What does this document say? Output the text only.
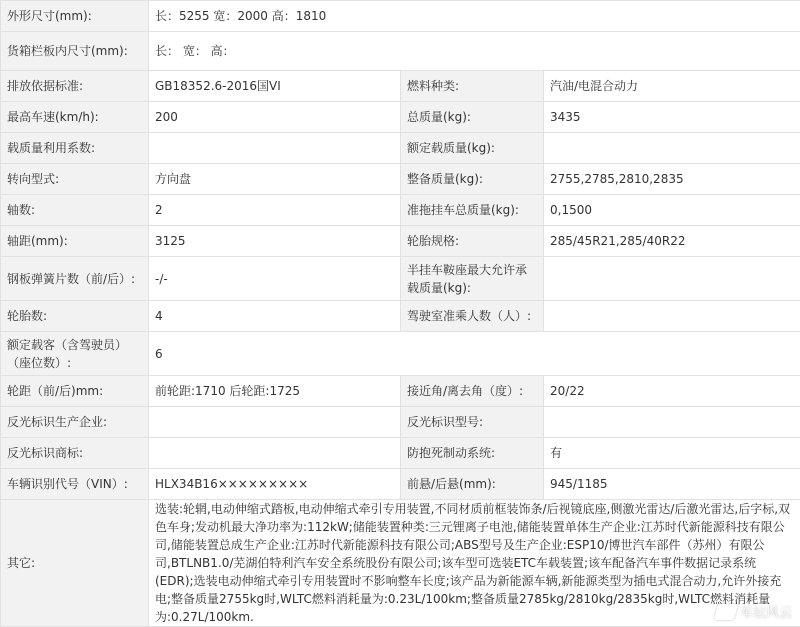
外形尺寸(mm):	长：5255 宽：2000 高：1810		
货箱栏板内尺寸(mm):	长： 宽： 高：		
排放依据标准:	GB18352.6-2016国VI	燃料种类:	汽油/电混合动力
最高车速(km/h):	200	总质量(kg):	3435
载质量利用系数:		额定载质量(kg):	
转向型式:	方向盘	整备质量(kg):	2755,2785,2810,2835
轴数:	2	准拖挂车总质量(kg):	0,1500
轴距(mm):	3125	轮胎规格:	285/45R21,285/40R22
钢板弹簧片数（前/后）:	-/-	半挂车鞍座最大允许承载质量(kg):	
轮胎数:	4	驾驶室准乘人数（人）:	
额定载客（含驾驶员）（座位数）:	6		
轮距（前/后)mm:	前轮距:1710 后轮距:1725	接近角/离去角（度）:	20/22
反光标识生产企业:		反光标识型号:	
反光标识商标:		防抱死制动系统:	有
车辆识别代号（VIN）:	HLX34B16×××××××××	前悬/后悬(mm):	945/1185
其它:	选装:轮辋,电动伸缩式踏板,电动伸缩式牵引专用装置,不同材质前框装饰条/后视镜底座,侧激光雷达/后激光雷达,后字标,双色车身;发动机最大净功率为:112kW;储能装置种类:三元锂离子电池,储能装置单体生产企业:江苏时代新能源科技有限公司,储能装置总成生产企业:江苏时代新能源科技有限公司;ABS型号及生产企业:ESP10/博世汽车部件（苏州）有限公司,BTLNB1.0/芜湖伯特利汽车安全系统股份有限公司;该车型可选装ETC车载装置;该车配备汽车事件数据记录系统(EDR);选装电动伸缩式牵引专用装置时不影响整车长度;该产品为新能源车辆,新能源类型为插电式混合动力,允许外接充电;整备质量2755kg时,WLTC燃料消耗量为:0.23L/100km;整备质量2785kg/2810kg/2835kg时,WLTC燃料消耗量为:0.27L/100km.			车坛风云
